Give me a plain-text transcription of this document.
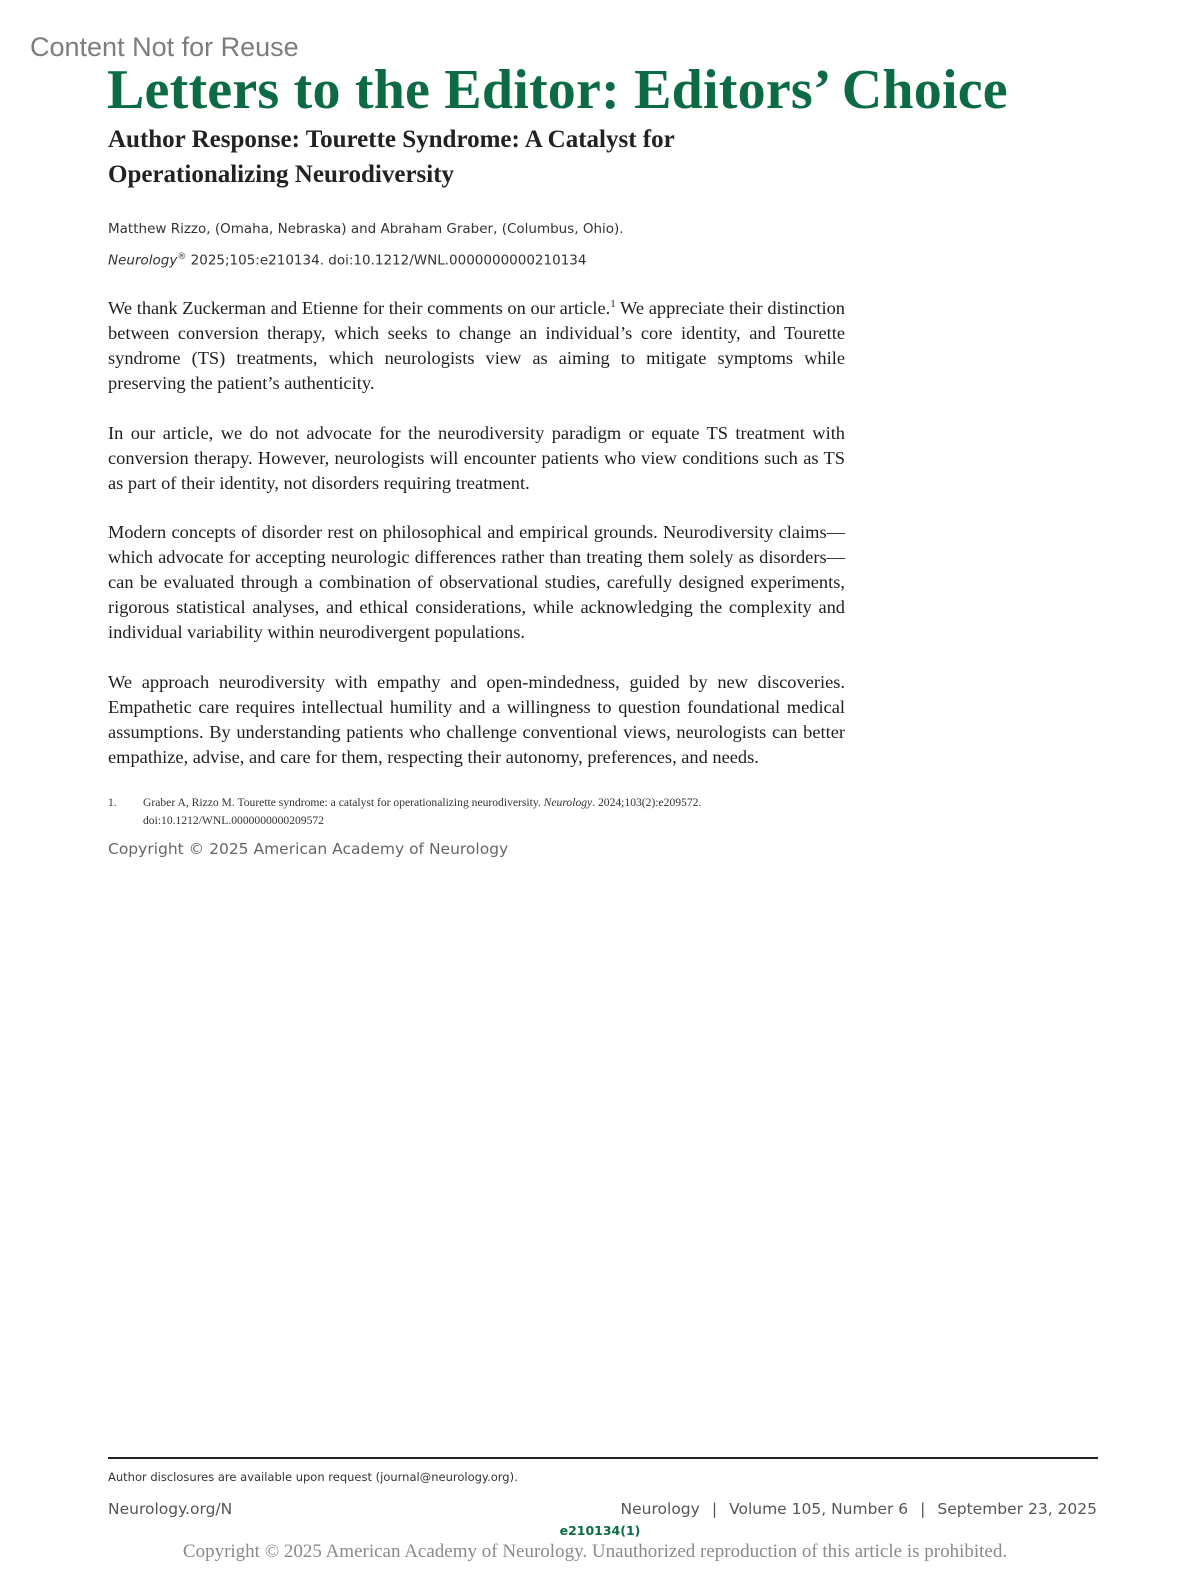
Content Not for Reuse
Letters to the Editor: Editors’ Choice
Author Response: Tourette Syndrome: A Catalyst for Operationalizing Neurodiversity
Matthew Rizzo, (Omaha, Nebraska) and Abraham Graber, (Columbus, Ohio).
Neurology® 2025;105:e210134. doi:10.1212/WNL.0000000000210134

We thank Zuckerman and Etienne for their comments on our article.$^1$ We appreciate their distinction between conversion therapy, which seeks to change an individual’s core identity, and Tourette syndrome (TS) treatments, which neurologists view as aiming to mitigate symptoms while preserving the patient’s authenticity.

In our article, we do not advocate for the neurodiversity paradigm or equate TS treatment with conversion therapy. However, neurologists will encounter patients who view conditions such as TS as part of their identity, not disorders requiring treatment.

Modern concepts of disorder rest on philosophical and empirical grounds. Neurodiversity claims—which advocate for accepting neurologic differences rather than treating them solely as disorders—can be evaluated through a combination of observational studies, carefully designed experiments, rigorous statistical analyses, and ethical considerations, while acknowledging the complexity and individual variability within neurodivergent populations.

We approach neurodiversity with empathy and open-mindedness, guided by new discoveries. Empathetic care requires intellectual humility and a willingness to question foundational medical assumptions. By understanding patients who challenge conventional views, neurologists can better empathize, advise, and care for them, respecting their autonomy, preferences, and needs.

1.	Graber A, Rizzo M. Tourette syndrome: a catalyst for operationalizing neurodiversity. Neurology. 2024;103(2):e209572. doi:10.1212/WNL.0000000000209572
Copyright © 2025 American Academy of Neurology
Author disclosures are available upon request (journal@neurology.org).
Neurology.org/N	Neurology | Volume 105, Number 6 | September 23, 2025
e210134(1)
Copyright © 2025 American Academy of Neurology. Unauthorized reproduction of this article is prohibited.
